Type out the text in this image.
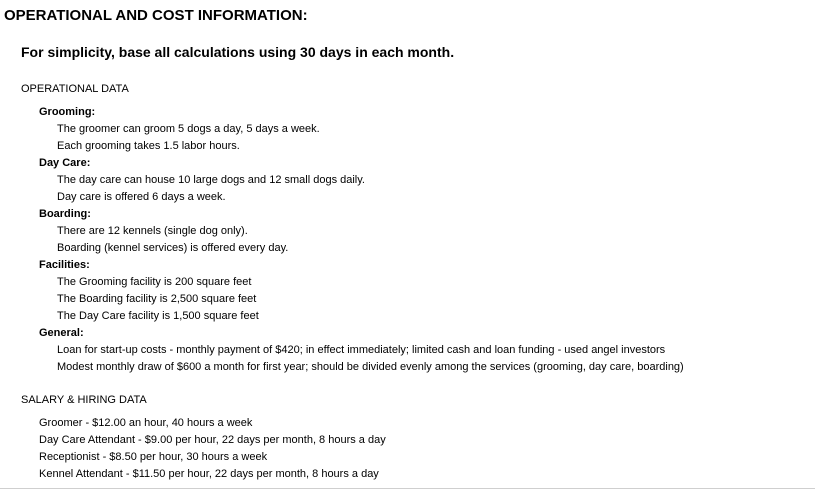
OPERATIONAL AND COST INFORMATION:
For simplicity, base all calculations using 30 days in each month.
OPERATIONAL DATA
Grooming:
The groomer can groom 5 dogs a day, 5 days a week.
Each grooming takes 1.5 labor hours.
Day Care:
The day care can house 10 large dogs and 12 small dogs daily.
Day care is offered 6 days a week.
Boarding:
There are 12 kennels (single dog only).
Boarding (kennel services) is offered every day.
Facilities:
The Grooming facility is 200 square feet
The Boarding facility is 2,500 square feet
The Day Care facility is 1,500 square feet
General:
Loan for start-up costs - monthly payment of $420; in effect immediately; limited cash and loan funding - used angel investors
Modest monthly draw of $600 a month for first year; should be divided evenly among the services (grooming, day care, boarding)
SALARY & HIRING DATA
Groomer - $12.00 an hour, 40 hours a week
Day Care Attendant - $9.00 per hour, 22 days per month, 8 hours a day
Receptionist - $8.50 per hour, 30 hours a week
Kennel Attendant - $11.50 per hour, 22 days per month, 8 hours a day
